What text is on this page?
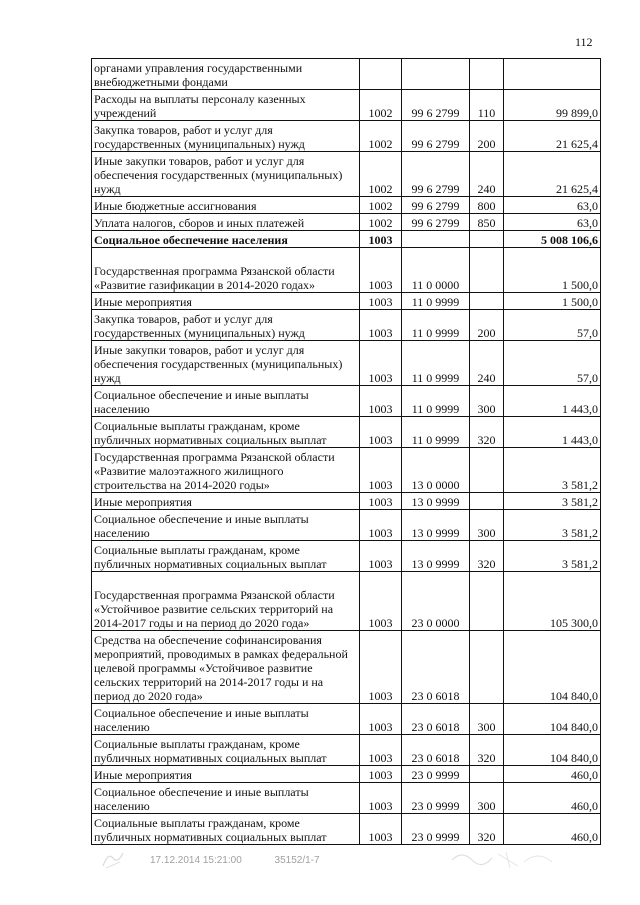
112
органами управления государственными внебюджетными фондами				
Расходы на выплаты персоналу казенных учреждений	1002	99 6 2799	110	99 899,0
Закупка товаров, работ и услуг для государственных (муниципальных) нужд	1002	99 6 2799	200	21 625,4
Иные закупки товаров, работ и услуг для обеспечения государственных (муниципальных) нужд	1002	99 6 2799	240	21 625,4
Иные бюджетные ассигнования	1002	99 6 2799	800	63,0
Уплата налогов, сборов и иных платежей	1002	99 6 2799	850	63,0
Социальное обеспечение населения	1003			5 008 106,6
Государственная программа Рязанской области «Развитие газификации в 2014-2020 годах»	1003	11 0 0000		1 500,0
Иные мероприятия	1003	11 0 9999		1 500,0
Закупка товаров, работ и услуг для государственных (муниципальных) нужд	1003	11 0 9999	200	57,0
Иные закупки товаров, работ и услуг для обеспечения государственных (муниципальных) нужд	1003	11 0 9999	240	57,0
Социальное обеспечение и иные выплаты населению	1003	11 0 9999	300	1 443,0
Социальные выплаты гражданам, кроме публичных нормативных социальных выплат	1003	11 0 9999	320	1 443,0
Государственная программа Рязанской области «Развитие малоэтажного жилищного строительства на 2014-2020 годы»	1003	13 0 0000		3 581,2
Иные мероприятия	1003	13 0 9999		3 581,2
Социальное обеспечение и иные выплаты населению	1003	13 0 9999	300	3 581,2
Социальные выплаты гражданам, кроме публичных нормативных социальных выплат	1003	13 0 9999	320	3 581,2
Государственная программа Рязанской области «Устойчивое развитие сельских территорий на 2014-2017 годы и на период до 2020 года»	1003	23 0 0000		105 300,0
Средства на обеспечение софинансирования мероприятий, проводимых в рамках федеральной целевой программы «Устойчивое развитие сельских территорий на 2014-2017 годы и на период до 2020 года»	1003	23 0 6018		104 840,0
Социальное обеспечение и иные выплаты населению	1003	23 0 6018	300	104 840,0
Социальные выплаты гражданам, кроме публичных нормативных социальных выплат	1003	23 0 6018	320	104 840,0
Иные мероприятия	1003	23 0 9999		460,0
Социальное обеспечение и иные выплаты населению	1003	23 0 9999	300	460,0
Социальные выплаты гражданам, кроме публичных нормативных социальных выплат	1003	23 0 9999	320	460,0
17.12.2014 15:21:00	35152/1-7
